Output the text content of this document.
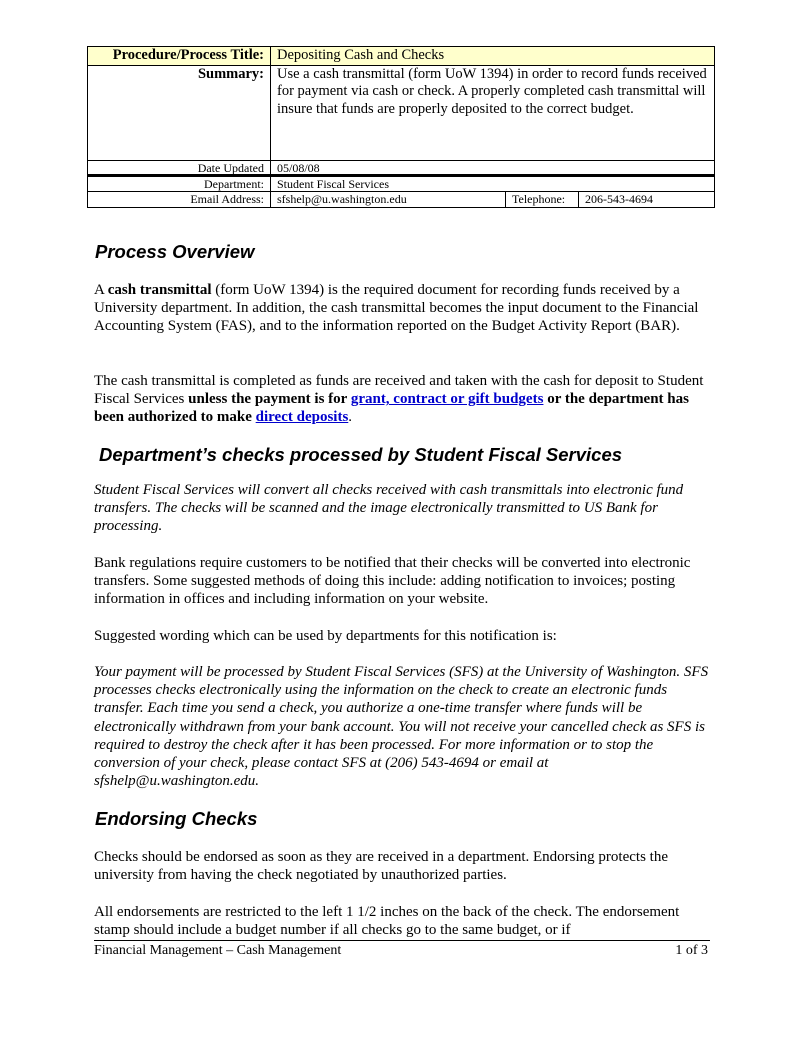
Procedure/Process Title:	Depositing Cash and Checks
Summary:	Use a cash transmittal (form UoW 1394) in order to record funds received for payment via cash or check. A properly completed cash transmittal will insure that funds are properly deposited to the correct budget.
Date Updated	05/08/08		
Department:	Student Fiscal Services		
Email Address:	sfshelp@u.washington.edu	Telephone:	206-543-4694
Process Overview

A cash transmittal (form UoW 1394) is the required document for recording funds received by a University department. In addition, the cash transmittal becomes the input document to the Financial Accounting System (FAS), and to the information reported on the Budget Activity Report (BAR).

The cash transmittal is completed as funds are received and taken with the cash for deposit to Student Fiscal Services unless the payment is for grant, contract or gift budgets or the department has been authorized to make direct deposits.

Department’s checks processed by Student Fiscal Services

Student Fiscal Services will convert all checks received with cash transmittals into electronic fund transfers. The checks will be scanned and the image electronically transmitted to US Bank for processing.

Bank regulations require customers to be notified that their checks will be converted into electronic transfers. Some suggested methods of doing this include: adding notification to invoices; posting information in offices and including information on your website.

Suggested wording which can be used by departments for this notification is:

Your payment will be processed by Student Fiscal Services (SFS) at the University of Washington. SFS processes checks electronically using the information on the check to create an electronic funds transfer. Each time you send a check, you authorize a one-time transfer where funds will be electronically withdrawn from your bank account. You will not receive your cancelled check as SFS is required to destroy the check after it has been processed. For more information or to stop the conversion of your check, please contact SFS at (206) 543-4694 or email at sfshelp@u.washington.edu.

Endorsing Checks

Checks should be endorsed as soon as they are received in a department. Endorsing protects the university from having the check negotiated by unauthorized parties.

All endorsements are restricted to the left 1 1/2 inches on the back of the check. The endorsement stamp should include a budget number if all checks go to the same budget, or if

Financial Management – Cash Management	1 of 3
